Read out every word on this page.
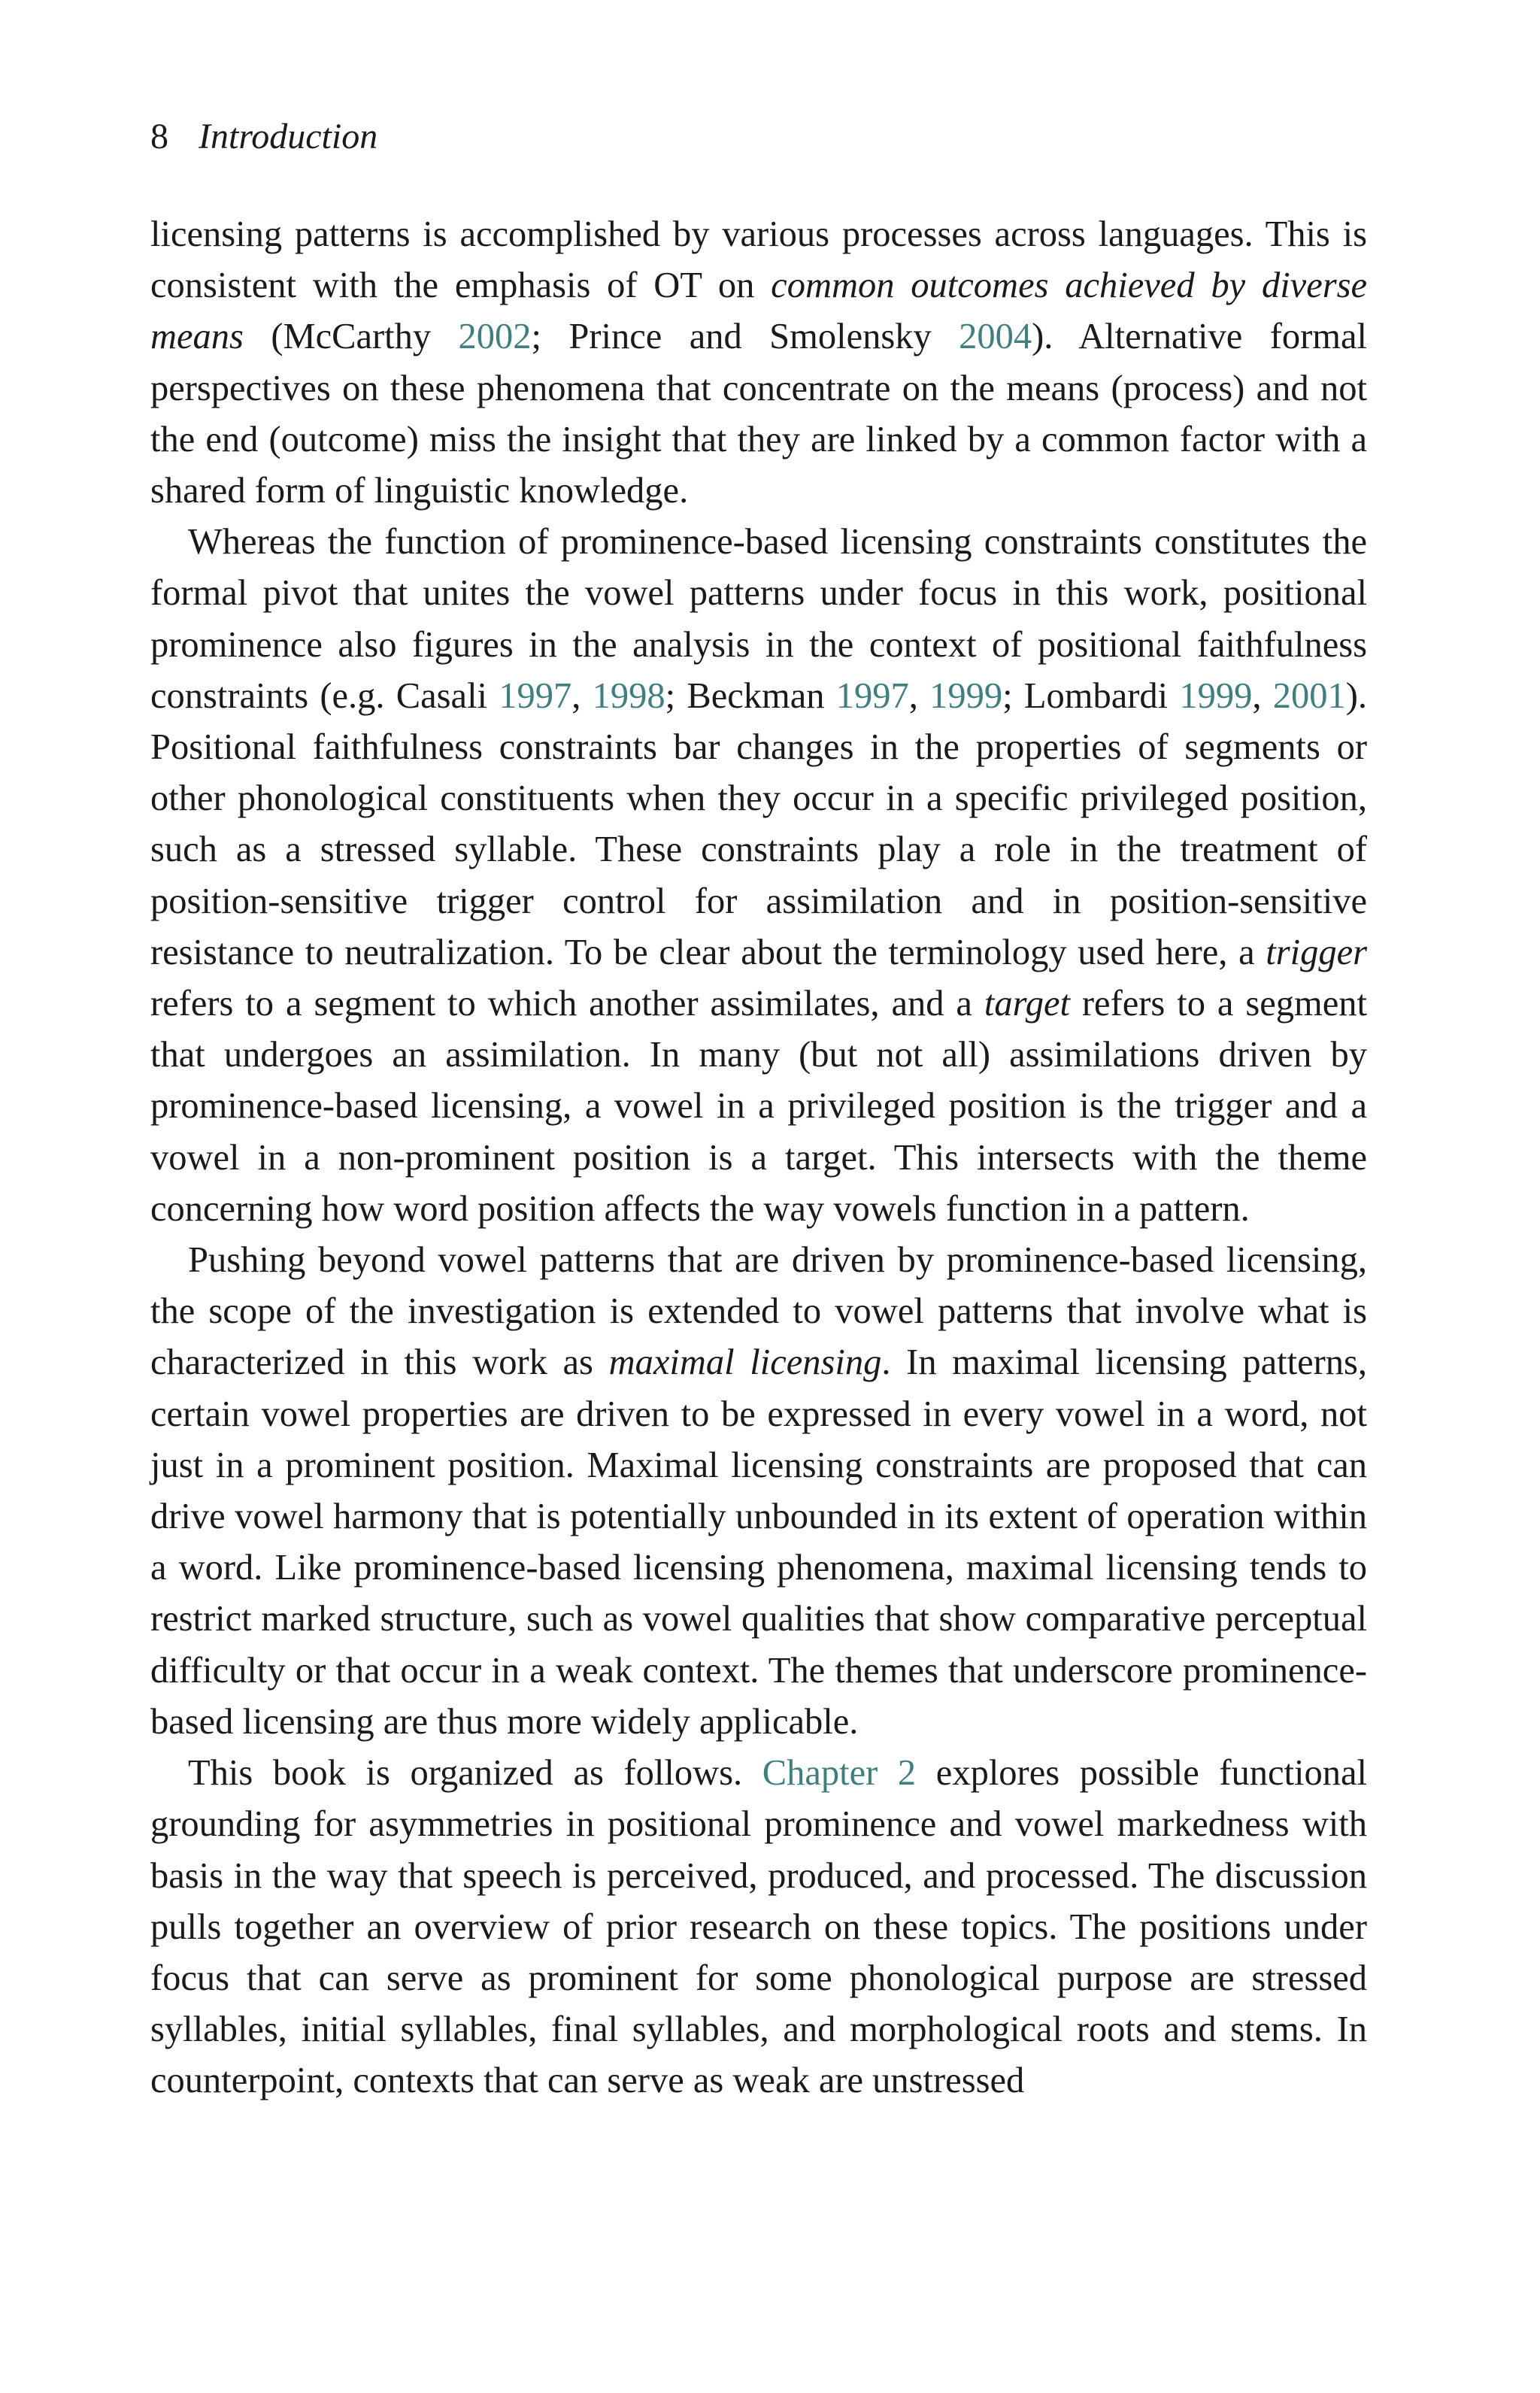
8 Introduction

licensing patterns is accomplished by various processes across languages. This is consistent with the emphasis of OT on common outcomes achieved by diverse means (McCarthy 2002; Prince and Smolensky 2004). Alternative formal perspectives on these phenomena that concentrate on the means (process) and not the end (outcome) miss the insight that they are linked by a common factor with a shared form of linguistic knowledge.

Whereas the function of prominence-based licensing constraints constitutes the formal pivot that unites the vowel patterns under focus in this work, positional prominence also figures in the analysis in the context of positional faithfulness constraints (e.g. Casali 1997, 1998; Beckman 1997, 1999; Lombardi 1999, 2001). Positional faithfulness constraints bar changes in the properties of segments or other phonological constituents when they occur in a specific privileged position, such as a stressed syllable. These constraints play a role in the treatment of position-sensitive trigger control for assimilation and in position-sensitive resistance to neutralization. To be clear about the terminology used here, a trigger refers to a segment to which another assimilates, and a target refers to a segment that undergoes an assimilation. In many (but not all) assimilations driven by prominence-based licensing, a vowel in a privileged position is the trigger and a vowel in a non-prominent position is a target. This intersects with the theme concerning how word position affects the way vowels function in a pattern.

Pushing beyond vowel patterns that are driven by prominence-based licensing, the scope of the investigation is extended to vowel patterns that involve what is characterized in this work as maximal licensing. In maximal licensing patterns, certain vowel properties are driven to be expressed in every vowel in a word, not just in a prominent position. Maximal licensing constraints are proposed that can drive vowel harmony that is potentially unbounded in its extent of operation within a word. Like prominence-based licensing phenomena, maximal licensing tends to restrict marked structure, such as vowel qualities that show comparative perceptual difficulty or that occur in a weak context. The themes that underscore prominence-based licensing are thus more widely applicable.

This book is organized as follows. Chapter 2 explores possible functional grounding for asymmetries in positional prominence and vowel markedness with basis in the way that speech is perceived, produced, and processed. The discussion pulls together an overview of prior research on these topics. The positions under focus that can serve as prominent for some phonological purpose are stressed syllables, initial syllables, final syllables, and morphological roots and stems. In counterpoint, contexts that can serve as weak are unstressed
